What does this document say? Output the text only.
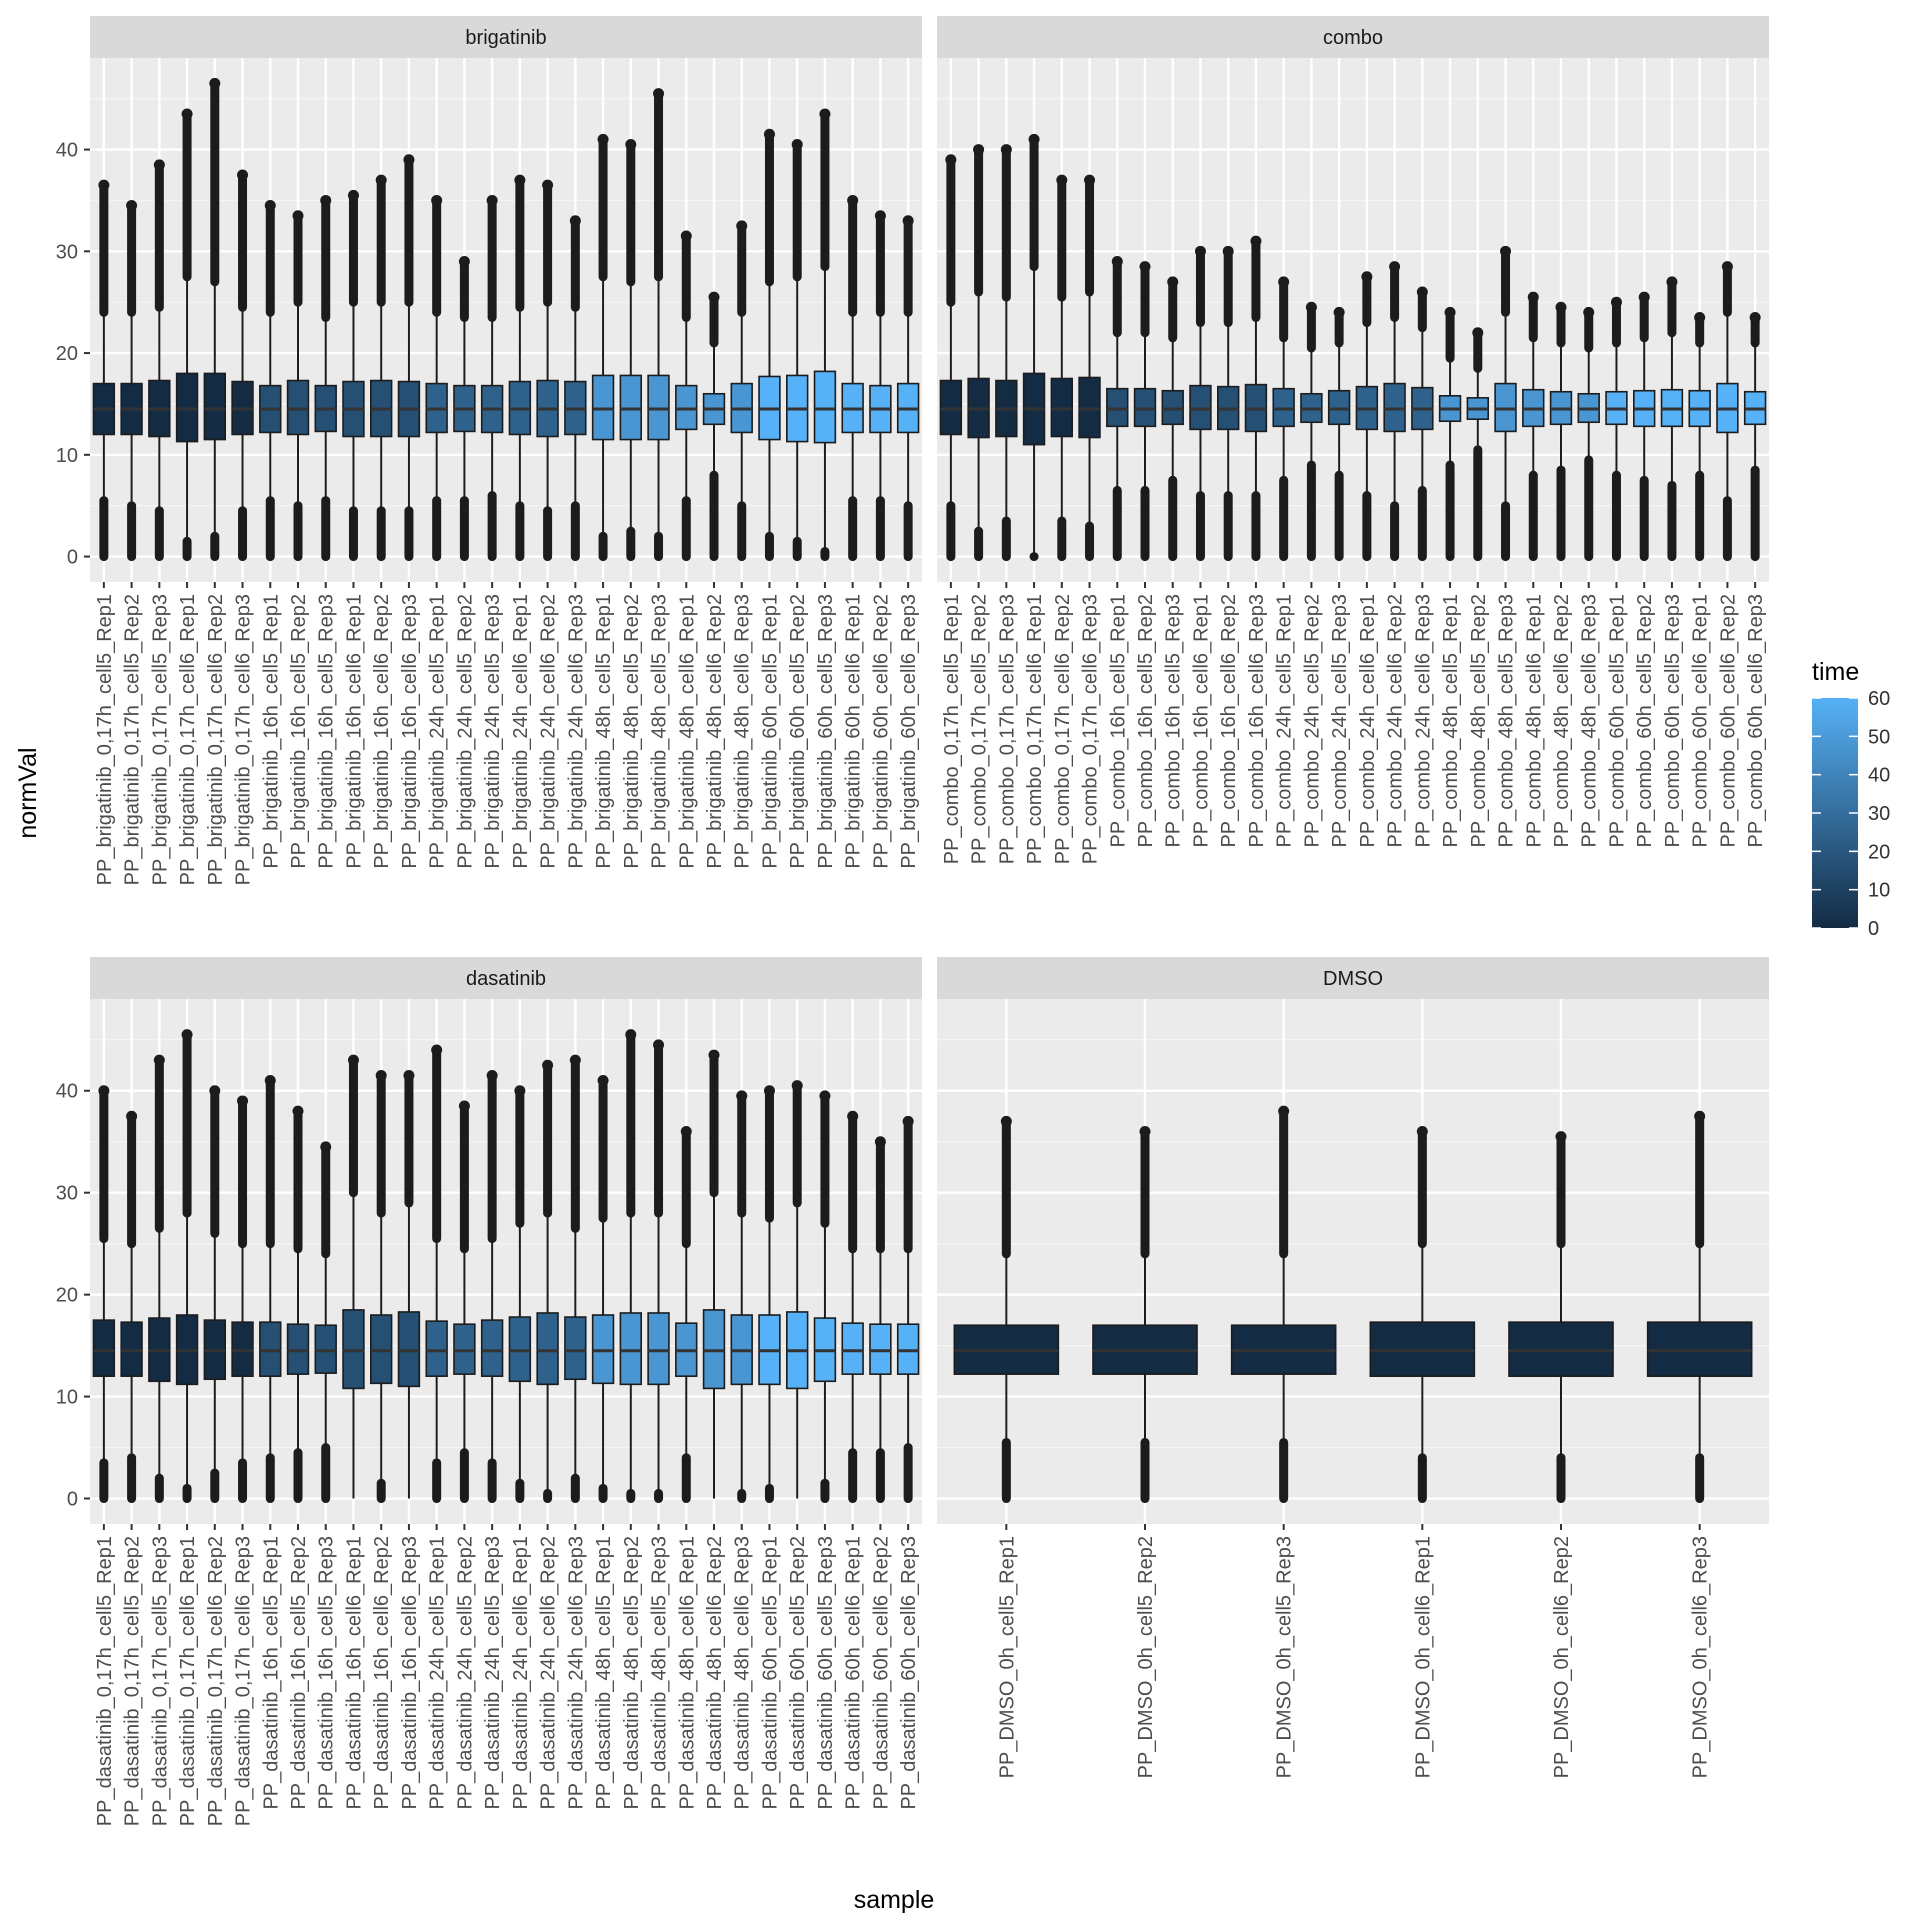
brigatinib
0
10
20
30
40
PP_brigatinib_0,17h_cell5_Rep1 PP_brigatinib_0,17h_cell5_Rep2 PP_brigatinib_0,17h_cell5_Rep3 PP_brigatinib_0,17h_cell6_Rep1 PP_brigatinib_0,17h_cell6_Rep2 PP_brigatinib_0,17h_cell6_Rep3 PP_brigatinib_16h_cell5_Rep1 PP_brigatinib_16h_cell5_Rep2 PP_brigatinib_16h_cell5_Rep3 PP_brigatinib_16h_cell6_Rep1 PP_brigatinib_16h_cell6_Rep2 PP_brigatinib_16h_cell6_Rep3 PP_brigatinib_24h_cell5_Rep1 PP_brigatinib_24h_cell5_Rep2 PP_brigatinib_24h_cell5_Rep3 PP_brigatinib_24h_cell6_Rep1 PP_brigatinib_24h_cell6_Rep2 PP_brigatinib_24h_cell6_Rep3 PP_brigatinib_48h_cell5_Rep1 PP_brigatinib_48h_cell5_Rep2 PP_brigatinib_48h_cell5_Rep3 PP_brigatinib_48h_cell6_Rep1 PP_brigatinib_48h_cell6_Rep2 PP_brigatinib_48h_cell6_Rep3 PP_brigatinib_60h_cell5_Rep1 PP_brigatinib_60h_cell5_Rep2 PP_brigatinib_60h_cell5_Rep3 PP_brigatinib_60h_cell6_Rep1 PP_brigatinib_60h_cell6_Rep2 PP_brigatinib_60h_cell6_Rep3
combo
PP_combo_0,17h_cell5_Rep1 PP_combo_0,17h_cell5_Rep2 PP_combo_0,17h_cell5_Rep3 PP_combo_0,17h_cell6_Rep1 PP_combo_0,17h_cell6_Rep2 PP_combo_0,17h_cell6_Rep3 PP_combo_16h_cell5_Rep1 PP_combo_16h_cell5_Rep2 PP_combo_16h_cell5_Rep3 PP_combo_16h_cell6_Rep1 PP_combo_16h_cell6_Rep2 PP_combo_16h_cell6_Rep3 PP_combo_24h_cell5_Rep1 PP_combo_24h_cell5_Rep2 PP_combo_24h_cell5_Rep3 PP_combo_24h_cell6_Rep1 PP_combo_24h_cell6_Rep2 PP_combo_24h_cell6_Rep3 PP_combo_48h_cell5_Rep1 PP_combo_48h_cell5_Rep2 PP_combo_48h_cell5_Rep3 PP_combo_48h_cell6_Rep1 PP_combo_48h_cell6_Rep2 PP_combo_48h_cell6_Rep3 PP_combo_60h_cell5_Rep1 PP_combo_60h_cell5_Rep2 PP_combo_60h_cell5_Rep3 PP_combo_60h_cell6_Rep1 PP_combo_60h_cell6_Rep2 PP_combo_60h_cell6_Rep3
dasatinib
0
10
20
30
40
PP_dasatinib_0,17h_cell5_Rep1 PP_dasatinib_0,17h_cell5_Rep2 PP_dasatinib_0,17h_cell5_Rep3 PP_dasatinib_0,17h_cell6_Rep1 PP_dasatinib_0,17h_cell6_Rep2 PP_dasatinib_0,17h_cell6_Rep3 PP_dasatinib_16h_cell5_Rep1 PP_dasatinib_16h_cell5_Rep2 PP_dasatinib_16h_cell5_Rep3 PP_dasatinib_16h_cell6_Rep1 PP_dasatinib_16h_cell6_Rep2 PP_dasatinib_16h_cell6_Rep3 PP_dasatinib_24h_cell5_Rep1 PP_dasatinib_24h_cell5_Rep2 PP_dasatinib_24h_cell5_Rep3 PP_dasatinib_24h_cell6_Rep1 PP_dasatinib_24h_cell6_Rep2 PP_dasatinib_24h_cell6_Rep3 PP_dasatinib_48h_cell5_Rep1 PP_dasatinib_48h_cell5_Rep2 PP_dasatinib_48h_cell5_Rep3 PP_dasatinib_48h_cell6_Rep1 PP_dasatinib_48h_cell6_Rep2 PP_dasatinib_48h_cell6_Rep3 PP_dasatinib_60h_cell5_Rep1 PP_dasatinib_60h_cell5_Rep2 PP_dasatinib_60h_cell5_Rep3 PP_dasatinib_60h_cell6_Rep1 PP_dasatinib_60h_cell6_Rep2 PP_dasatinib_60h_cell6_Rep3
DMSO
PP_DMSO_0h_cell5_Rep1	PP_DMSO_0h_cell5_Rep2	PP_DMSO_0h_cell5_Rep3	PP_DMSO_0h_cell6_Rep1	PP_DMSO_0h_cell6_Rep2	PP_DMSO_0h_cell6_Rep3
sample
normVal
time
0
10
20
30
40
50
60
